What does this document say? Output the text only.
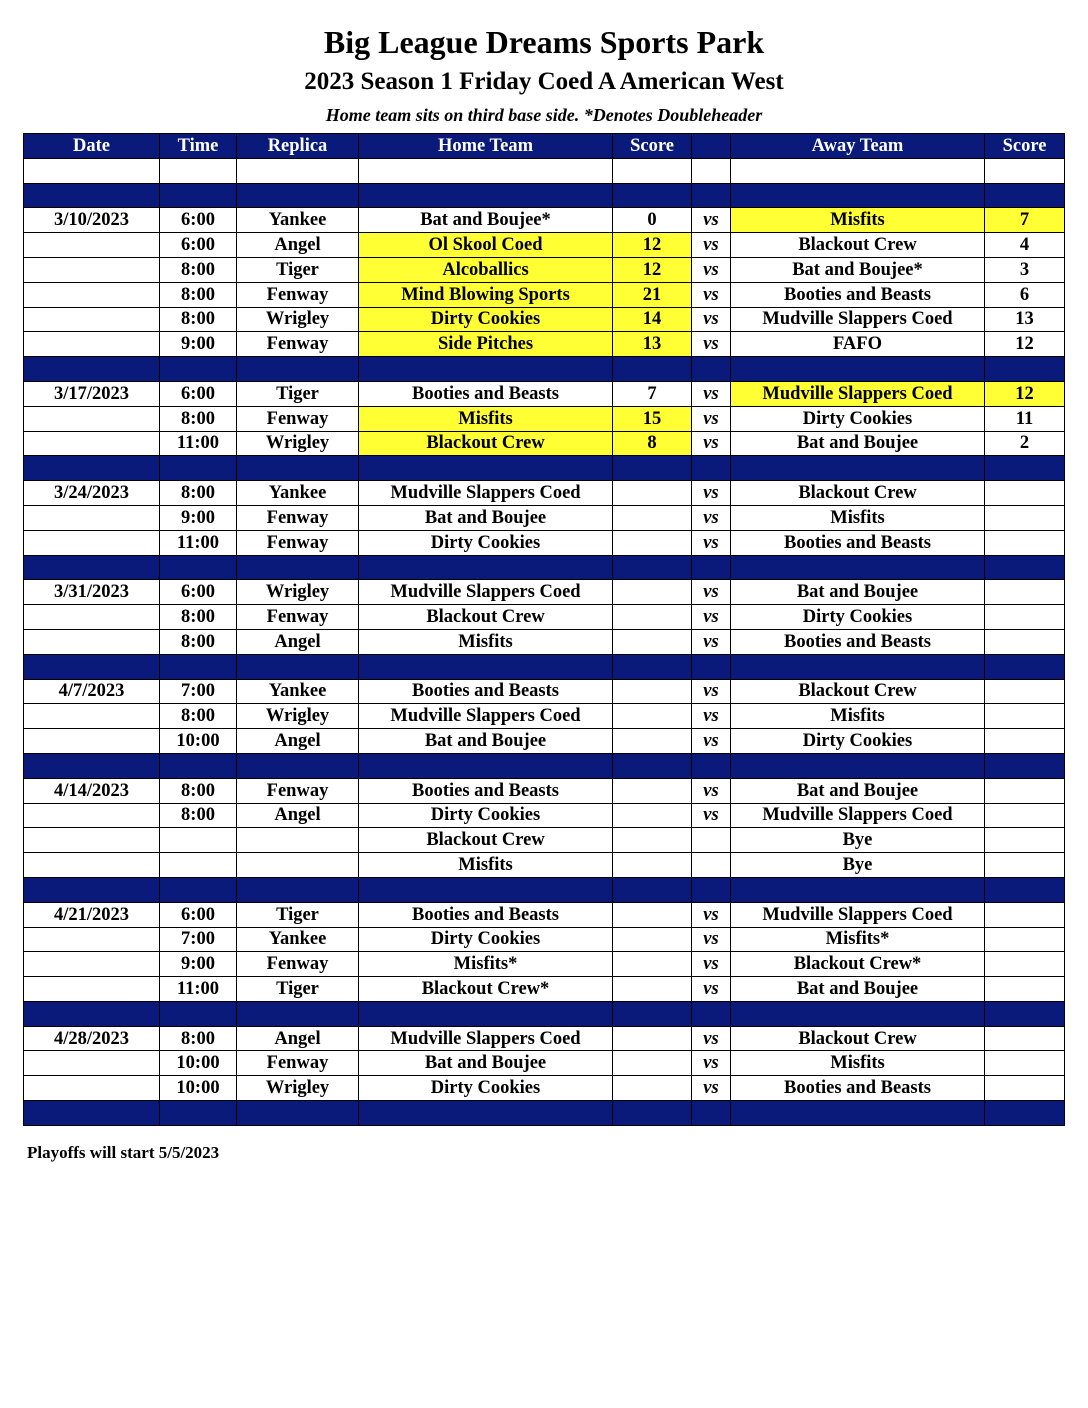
Big League Dreams Sports Park
2023 Season 1 Friday Coed A American West
Home team sits on third base side. *Denotes Doubleheader
Date	Time	Replica	Home Team	Score		Away Team	Score

3/10/2023	6:00	Yankee	Bat and Boujee*	0	vs	Misfits	7
	6:00	Angel	Ol Skool Coed	12	vs	Blackout Crew	4
	8:00	Tiger	Alcoballics	12	vs	Bat and Boujee*	3
	8:00	Fenway	Mind Blowing Sports	21	vs	Booties and Beasts	6
	8:00	Wrigley	Dirty Cookies	14	vs	Mudville Slappers Coed	13
	9:00	Fenway	Side Pitches	13	vs	FAFO	12

3/17/2023	6:00	Tiger	Booties and Beasts	7	vs	Mudville Slappers Coed	12
	8:00	Fenway	Misfits	15	vs	Dirty Cookies	11
	11:00	Wrigley	Blackout Crew	8	vs	Bat and Boujee	2

3/24/2023	8:00	Yankee	Mudville Slappers Coed		vs	Blackout Crew	
	9:00	Fenway	Bat and Boujee		vs	Misfits	
	11:00	Fenway	Dirty Cookies		vs	Booties and Beasts	

3/31/2023	6:00	Wrigley	Mudville Slappers Coed		vs	Bat and Boujee	
	8:00	Fenway	Blackout Crew		vs	Dirty Cookies	
	8:00	Angel	Misfits		vs	Booties and Beasts	

4/7/2023	7:00	Yankee	Booties and Beasts		vs	Blackout Crew	
	8:00	Wrigley	Mudville Slappers Coed		vs	Misfits	
	10:00	Angel	Bat and Boujee		vs	Dirty Cookies	

4/14/2023	8:00	Fenway	Booties and Beasts		vs	Bat and Boujee	
	8:00	Angel	Dirty Cookies		vs	Mudville Slappers Coed	
			Blackout Crew			Bye	
			Misfits			Bye	

4/21/2023	6:00	Tiger	Booties and Beasts		vs	Mudville Slappers Coed	
	7:00	Yankee	Dirty Cookies		vs	Misfits*	
	9:00	Fenway	Misfits*		vs	Blackout Crew*	
	11:00	Tiger	Blackout Crew*		vs	Bat and Boujee	

4/28/2023	8:00	Angel	Mudville Slappers Coed		vs	Blackout Crew	
	10:00	Fenway	Bat and Boujee		vs	Misfits	
	10:00	Wrigley	Dirty Cookies		vs	Booties and Beasts	

Playoffs will start 5/5/2023
